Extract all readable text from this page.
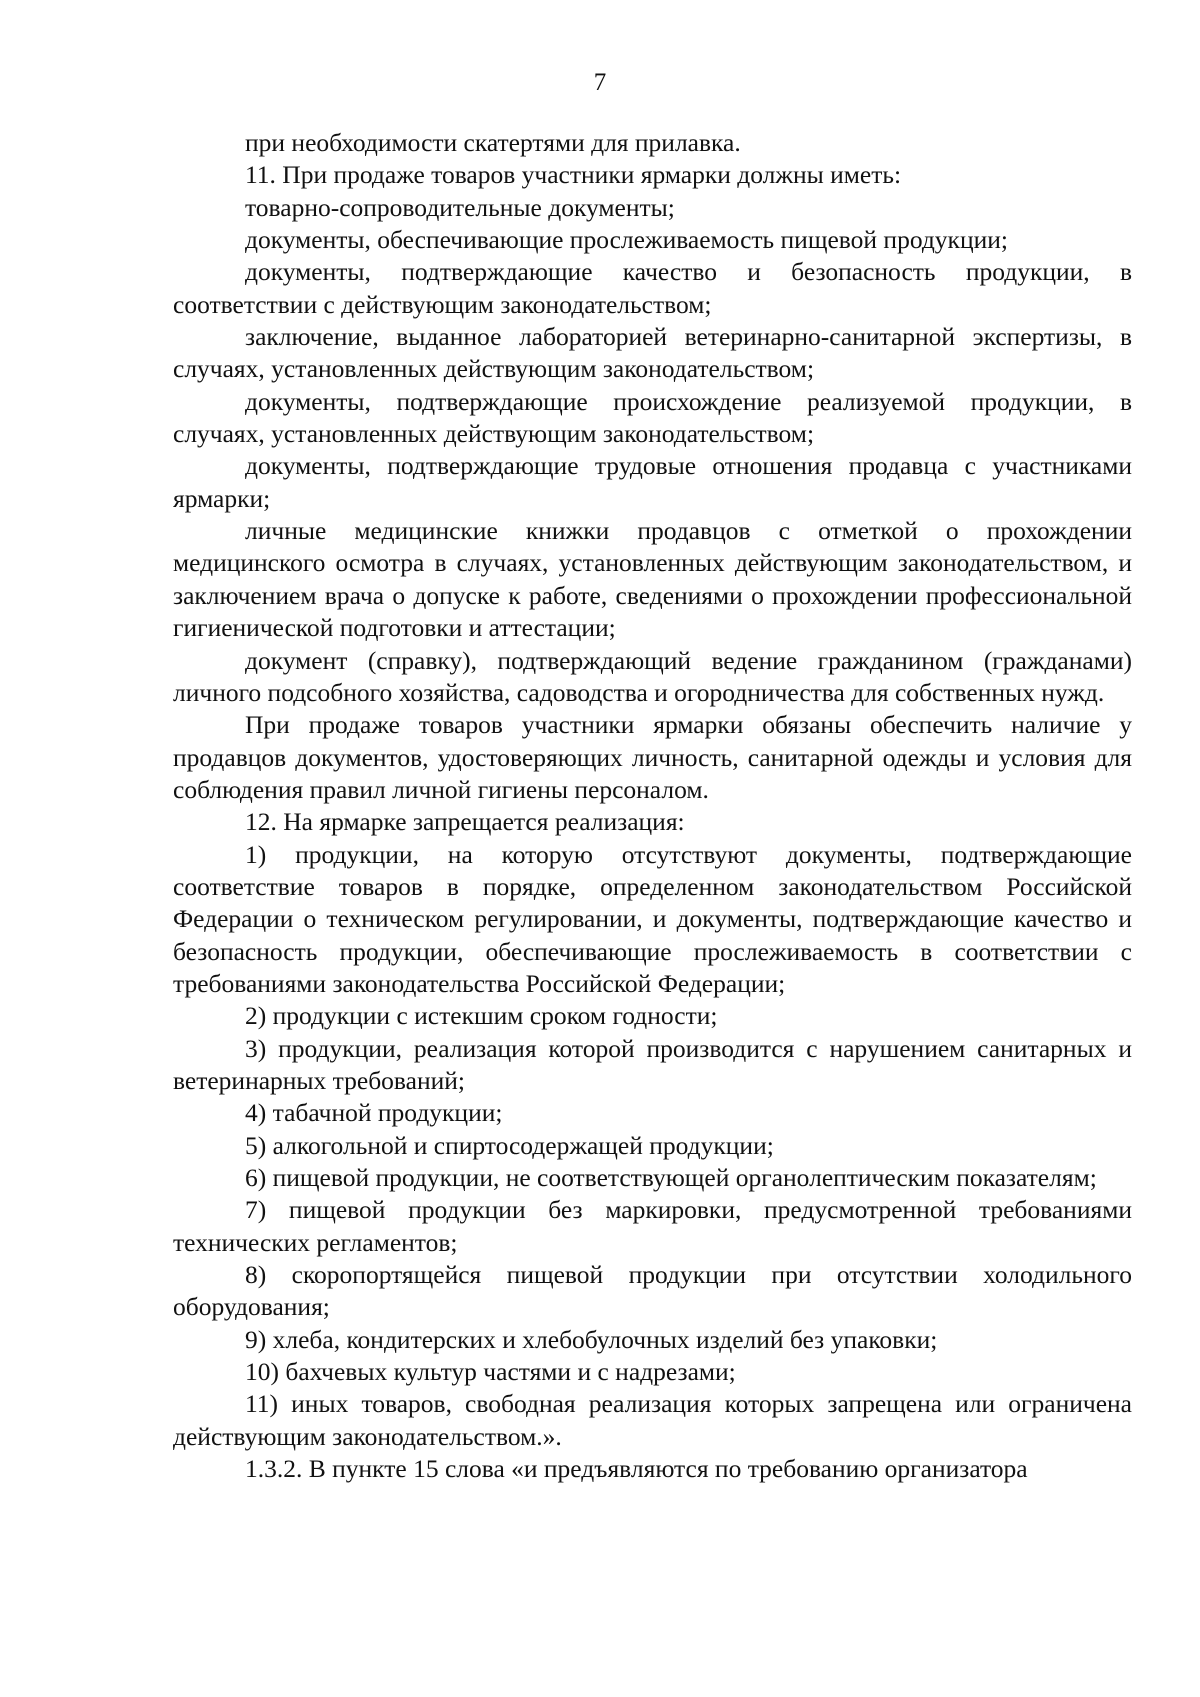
7

при необходимости скатертями для прилавка.

11. При продаже товаров участники ярмарки должны иметь:

товарно-сопроводительные документы;

документы, обеспечивающие прослеживаемость пищевой продукции;

документы, подтверждающие качество и безопасность продукции, в соответствии с действующим законодательством;

заключение, выданное лабораторией ветеринарно-санитарной экспертизы, в случаях, установленных действующим законодательством;

документы, подтверждающие происхождение реализуемой продукции, в случаях, установленных действующим законодательством;

документы, подтверждающие трудовые отношения продавца с участниками ярмарки;

личные медицинские книжки продавцов с отметкой о прохождении медицинского осмотра в случаях, установленных действующим законодательством, и заключением врача о допуске к работе, сведениями о прохождении профессиональной гигиенической подготовки и аттестации;

документ (справку), подтверждающий ведение гражданином (гражданами) личного подсобного хозяйства, садоводства и огородничества для собственных нужд.

При продаже товаров участники ярмарки обязаны обеспечить наличие у продавцов документов, удостоверяющих личность, санитарной одежды и условия для соблюдения правил личной гигиены персоналом.

12. На ярмарке запрещается реализация:

1) продукции, на которую отсутствуют документы, подтверждающие соответствие товаров в порядке, определенном законодательством Российской Федерации о техническом регулировании, и документы, подтверждающие качество и безопасность продукции, обеспечивающие прослеживаемость в соответствии с требованиями законодательства Российской Федерации;

2) продукции с истекшим сроком годности;

3) продукции, реализация которой производится с нарушением санитарных и ветеринарных требований;

4) табачной продукции;

5) алкогольной и спиртосодержащей продукции;

6) пищевой продукции, не соответствующей органолептическим показателям;

7) пищевой продукции без маркировки, предусмотренной требованиями технических регламентов;

8) скоропортящейся пищевой продукции при отсутствии холодильного оборудования;

9) хлеба, кондитерских и хлебобулочных изделий без упаковки;

10) бахчевых культур частями и с надрезами;

11) иных товаров, свободная реализация которых запрещена или ограничена действующим законодательством.».

1.3.2. В пункте 15 слова «и предъявляются по требованию организатора
